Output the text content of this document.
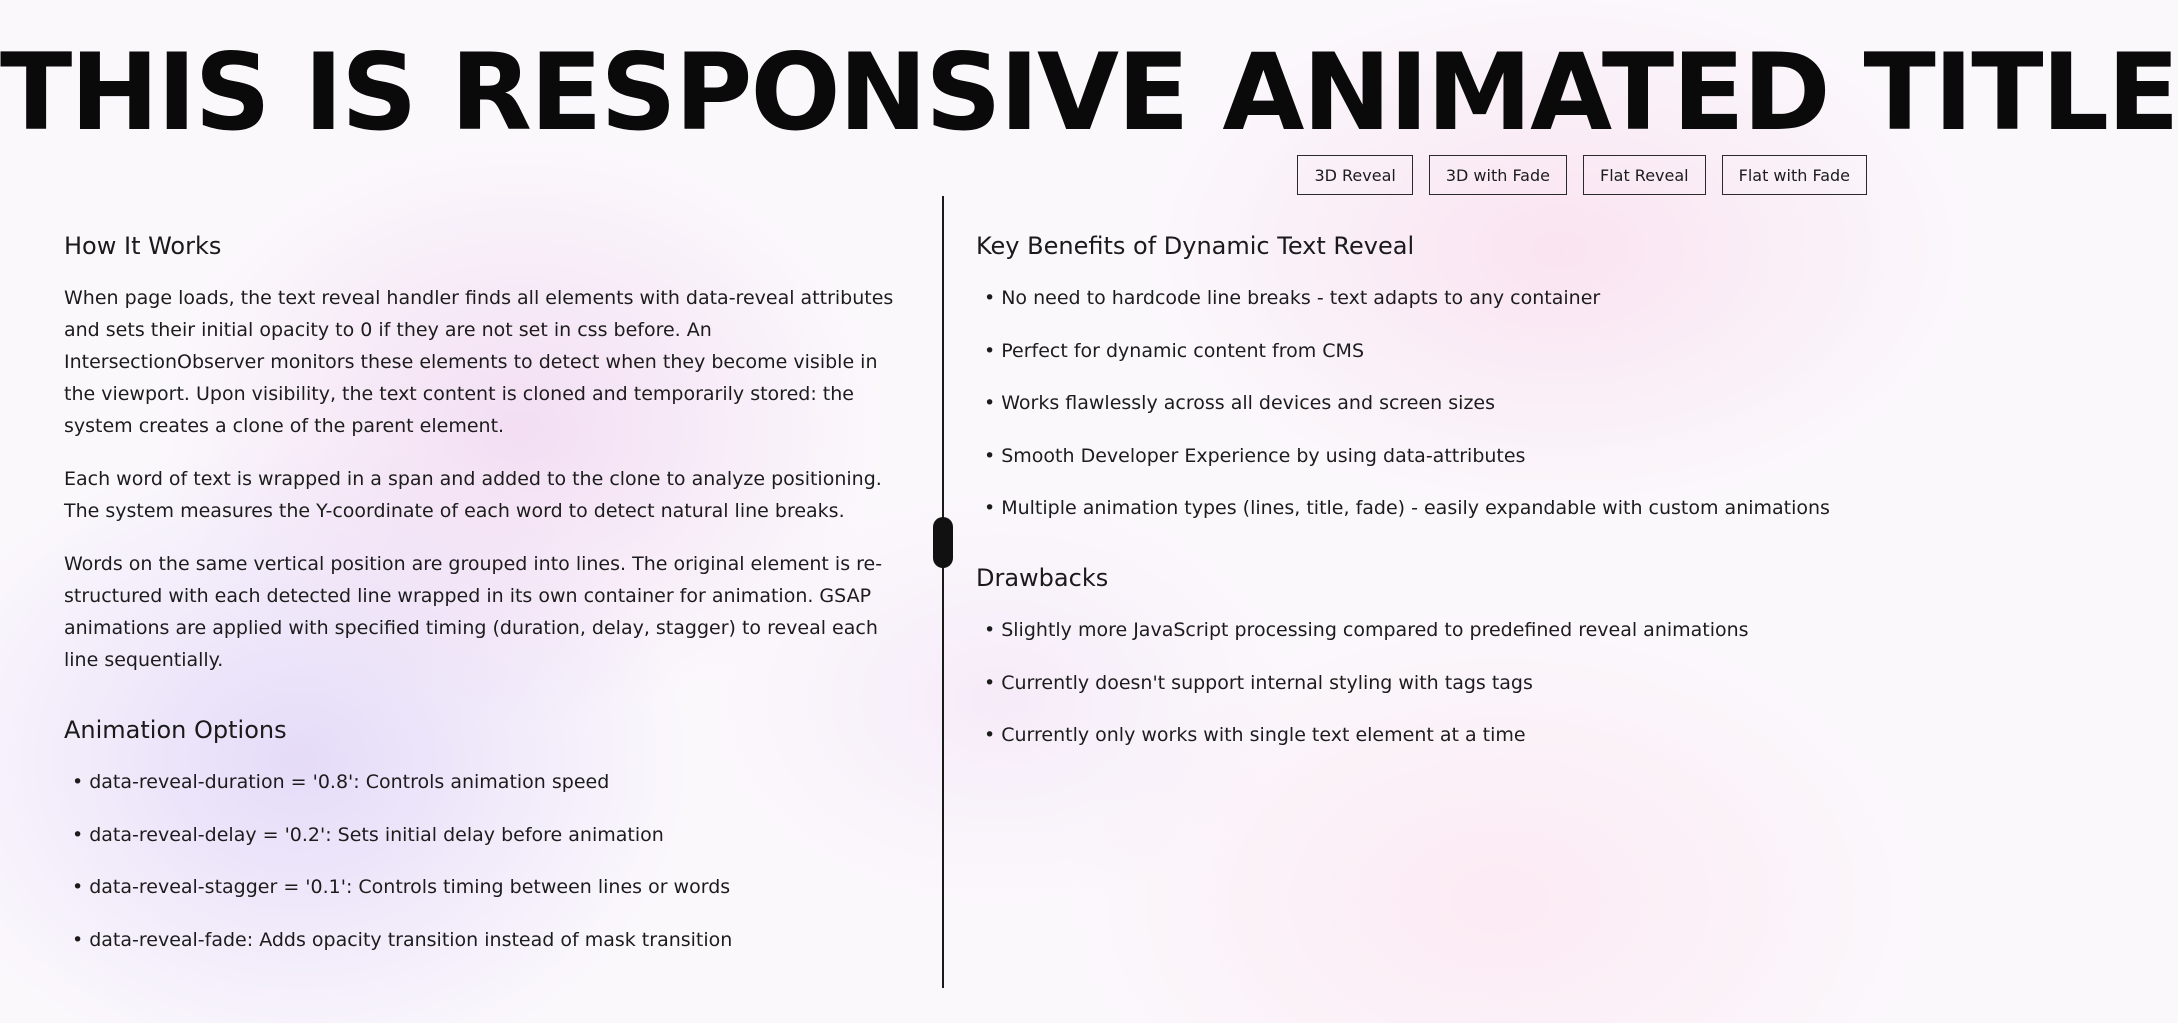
THIS IS RESPONSIVE ANIMATED TITLE
3D Reveal	3D with Fade	Flat Reveal	Flat with Fade
How It Works

When page loads, the text reveal handler finds all elements with data-reveal attributes and sets their initial opacity to 0 if they are not set in css before. An IntersectionObserver monitors these elements to detect when they become visible in the viewport. Upon visibility, the text content is cloned and temporarily stored: the system creates a clone of the parent element.

Each word of text is wrapped in a span and added to the clone to analyze positioning. The system measures the Y-coordinate of each word to detect natural line breaks.

Words on the same vertical position are grouped into lines. The original element is re-structured with each detected line wrapped in its own container for animation. GSAP animations are applied with specified timing (duration, delay, stagger) to reveal each line sequentially.

Animation Options
• data-reveal-duration = '0.8': Controls animation speed
• data-reveal-delay = '0.2': Sets initial delay before animation
• data-reveal-stagger = '0.1': Controls timing between lines or words
• data-reveal-fade: Adds opacity transition instead of mask transition
Key Benefits of Dynamic Text Reveal
• No need to hardcode line breaks - text adapts to any container
• Perfect for dynamic content from CMS
• Works flawlessly across all devices and screen sizes
• Smooth Developer Experience by using data-attributes
• Multiple animation types (lines, title, fade) - easily expandable with custom animations
Drawbacks
• Slightly more JavaScript processing compared to predefined reveal animations
• Currently doesn't support internal styling with tags tags
• Currently only works with single text element at a time
